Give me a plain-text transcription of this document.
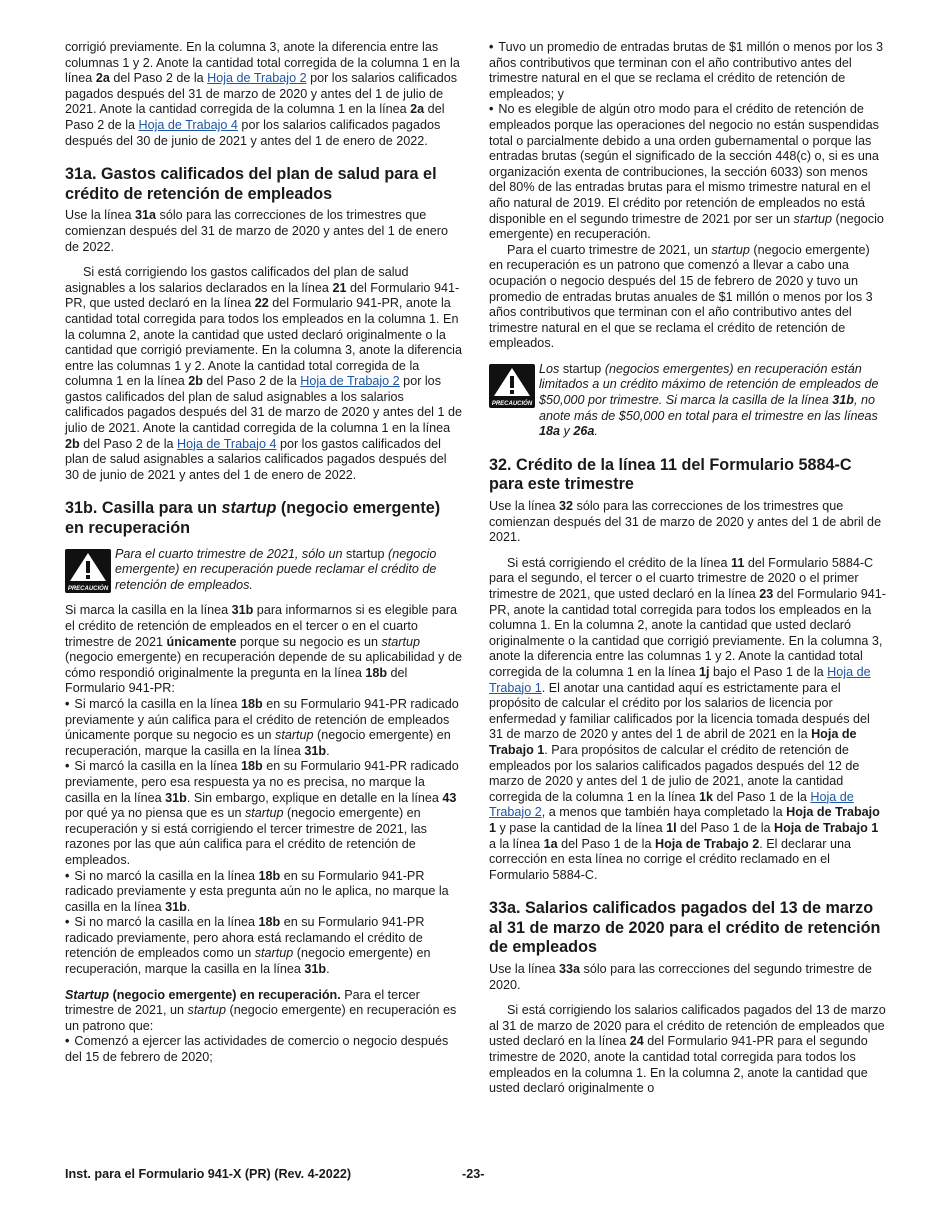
corrigió previamente. En la columna 3, anote la diferencia entre las columnas 1 y 2. Anote la cantidad total corregida de la columna 1 en la línea 2a del Paso 2 de la Hoja de Trabajo 2 por los salarios calificados pagados después del 31 de marzo de 2020 y antes del 1 de julio de 2021. Anote la cantidad corregida de la columna 1 en la línea 2a del Paso 2 de la Hoja de Trabajo 4 por los salarios calificados pagados después del 30 de junio de 2021 y antes del 1 de enero de 2022.

31a. Gastos calificados del plan de salud para el crédito de retención de empleados

Use la línea 31a sólo para las correcciones de los trimestres que comienzan después del 31 de marzo de 2020 y antes del 1 de enero de 2022.

Si está corrigiendo los gastos calificados del plan de salud asignables a los salarios declarados en la línea 21 del Formulario 941-PR, que usted declaró en la línea 22 del Formulario 941-PR, anote la cantidad total corregida para todos los empleados en la columna 1. En la columna 2, anote la cantidad que usted declaró originalmente o la cantidad que corrigió previamente. En la columna 3, anote la diferencia entre las columnas 1 y 2. Anote la cantidad total corregida de la columna 1 en la línea 2b del Paso 2 de la Hoja de Trabajo 2 por los gastos calificados del plan de salud asignables a los salarios calificados pagados después del 31 de marzo de 2020 y antes del 1 de julio de 2021. Anote la cantidad corregida de la columna 1 en la línea 2b del Paso 2 de la Hoja de Trabajo 4 por los gastos calificados del plan de salud asignables a salarios calificados pagados después del 30 de junio de 2021 y antes del 1 de enero de 2022.

31b. Casilla para un startup (negocio emergente) en recuperación
PRECAUCIÓN
Para el cuarto trimestre de 2021, sólo un startup (negocio emergente) en recuperación puede reclamar el crédito de retención de empleados.

Si marca la casilla en la línea 31b para informarnos si es elegible para el crédito de retención de empleados en el tercer o en el cuarto trimestre de 2021 únicamente porque su negocio es un startup (negocio emergente) en recuperación depende de su aplicabilidad y de cómo respondió originalmente la pregunta en la línea 18b del Formulario 941-PR:

• Si marcó la casilla en la línea 18b en su Formulario 941-PR radicado previamente y aún califica para el crédito de retención de empleados únicamente porque su negocio es un startup (negocio emergente) en recuperación, marque la casilla en la línea 31b.

• Si marcó la casilla en la línea 18b en su Formulario 941-PR radicado previamente, pero esa respuesta ya no es precisa, no marque la casilla en la línea 31b. Sin embargo, explique en detalle en la línea 43 por qué ya no piensa que es un startup (negocio emergente) en recuperación y si está corrigiendo el tercer trimestre de 2021, las razones por las que aún califica para el crédito de retención de empleados.

• Si no marcó la casilla en la línea 18b en su Formulario 941-PR radicado previamente y esta pregunta aún no le aplica, no marque la casilla en la línea 31b.

• Si no marcó la casilla en la línea 18b en su Formulario 941-PR radicado previamente, pero ahora está reclamando el crédito de retención de empleados como un startup (negocio emergente) en recuperación, marque la casilla en la línea 31b.

Startup (negocio emergente) en recuperación. Para el tercer trimestre de 2021, un startup (negocio emergente) en recuperación es un patrono que:

• Comenzó a ejercer las actividades de comercio o negocio después del 15 de febrero de 2020;

• Tuvo un promedio de entradas brutas de $1 millón o menos por los 3 años contributivos que terminan con el año contributivo antes del trimestre natural en el que se reclama el crédito de retención de empleados; y

• No es elegible de algún otro modo para el crédito de retención de empleados porque las operaciones del negocio no están suspendidas total o parcialmente debido a una orden gubernamental o porque las entradas brutas (según el significado de la sección 448(c) o, si es una organización exenta de contribuciones, la sección 6033) son menos del 80% de las entradas brutas para el mismo trimestre natural en el año natural de 2019. El crédito por retención de empleados no está disponible en el segundo trimestre de 2021 por ser un startup (negocio emergente) en recuperación.

Para el cuarto trimestre de 2021, un startup (negocio emergente) en recuperación es un patrono que comenzó a llevar a cabo una ocupación o negocio después del 15 de febrero de 2020 y tuvo un promedio de entradas brutas anuales de $1 millón o menos por los 3 años contributivos que terminan con el año contributivo antes del trimestre natural en el que se reclama el crédito de retención de empleados.

PRECAUCIÓN
Los startup (negocios emergentes) en recuperación están limitados a un crédito máximo de retención de empleados de $50,000 por trimestre. Si marca la casilla de la línea 31b, no anote más de $50,000 en total para el trimestre en las líneas 18a y 26a.
32. Crédito de la línea 11 del Formulario 5884-C para este trimestre

Use la línea 32 sólo para las correcciones de los trimestres que comienzan después del 31 de marzo de 2020 y antes del 1 de abril de 2021.

Si está corrigiendo el crédito de la línea 11 del Formulario 5884-C para el segundo, el tercer o el cuarto trimestre de 2020 o el primer trimestre de 2021, que usted declaró en la línea 23 del Formulario 941-PR, anote la cantidad total corregida para todos los empleados en la columna 1. En la columna 2, anote la cantidad que usted declaró originalmente o la cantidad que corrigió previamente. En la columna 3, anote la diferencia entre las columnas 1 y 2. Anote la cantidad total corregida de la columna 1 en la línea 1j bajo el Paso 1 de la Hoja de Trabajo 1. El anotar una cantidad aquí es estrictamente para el propósito de calcular el crédito por los salarios de licencia por enfermedad y familiar calificados por la licencia tomada después del 31 de marzo de 2020 y antes del 1 de abril de 2021 en la Hoja de Trabajo 1. Para propósitos de calcular el crédito de retención de empleados por los salarios calificados pagados después del 12 de marzo de 2020 y antes del 1 de julio de 2021, anote la cantidad corregida de la columna 1 en la línea 1k del Paso 1 de la Hoja de Trabajo 2, a menos que también haya completado la Hoja de Trabajo 1 y pase la cantidad de la línea 1l del Paso 1 de la Hoja de Trabajo 1 a la línea 1a del Paso 1 de la Hoja de Trabajo 2. El declarar una corrección en esta línea no corrige el crédito reclamado en el Formulario 5884-C.

33a. Salarios calificados pagados del 13 de marzo al 31 de marzo de 2020 para el crédito de retención de empleados

Use la línea 33a sólo para las correcciones del segundo trimestre de 2020.

Si está corrigiendo los salarios calificados pagados del 13 de marzo al 31 de marzo de 2020 para el crédito de retención de empleados que usted declaró en la línea 24 del Formulario 941-PR para el segundo trimestre de 2020, anote la cantidad total corregida para todos los empleados en la columna 1. En la columna 2, anote la cantidad que usted declaró originalmente o

Inst. para el Formulario 941-X (PR) (Rev. 4-2022)	-23-
